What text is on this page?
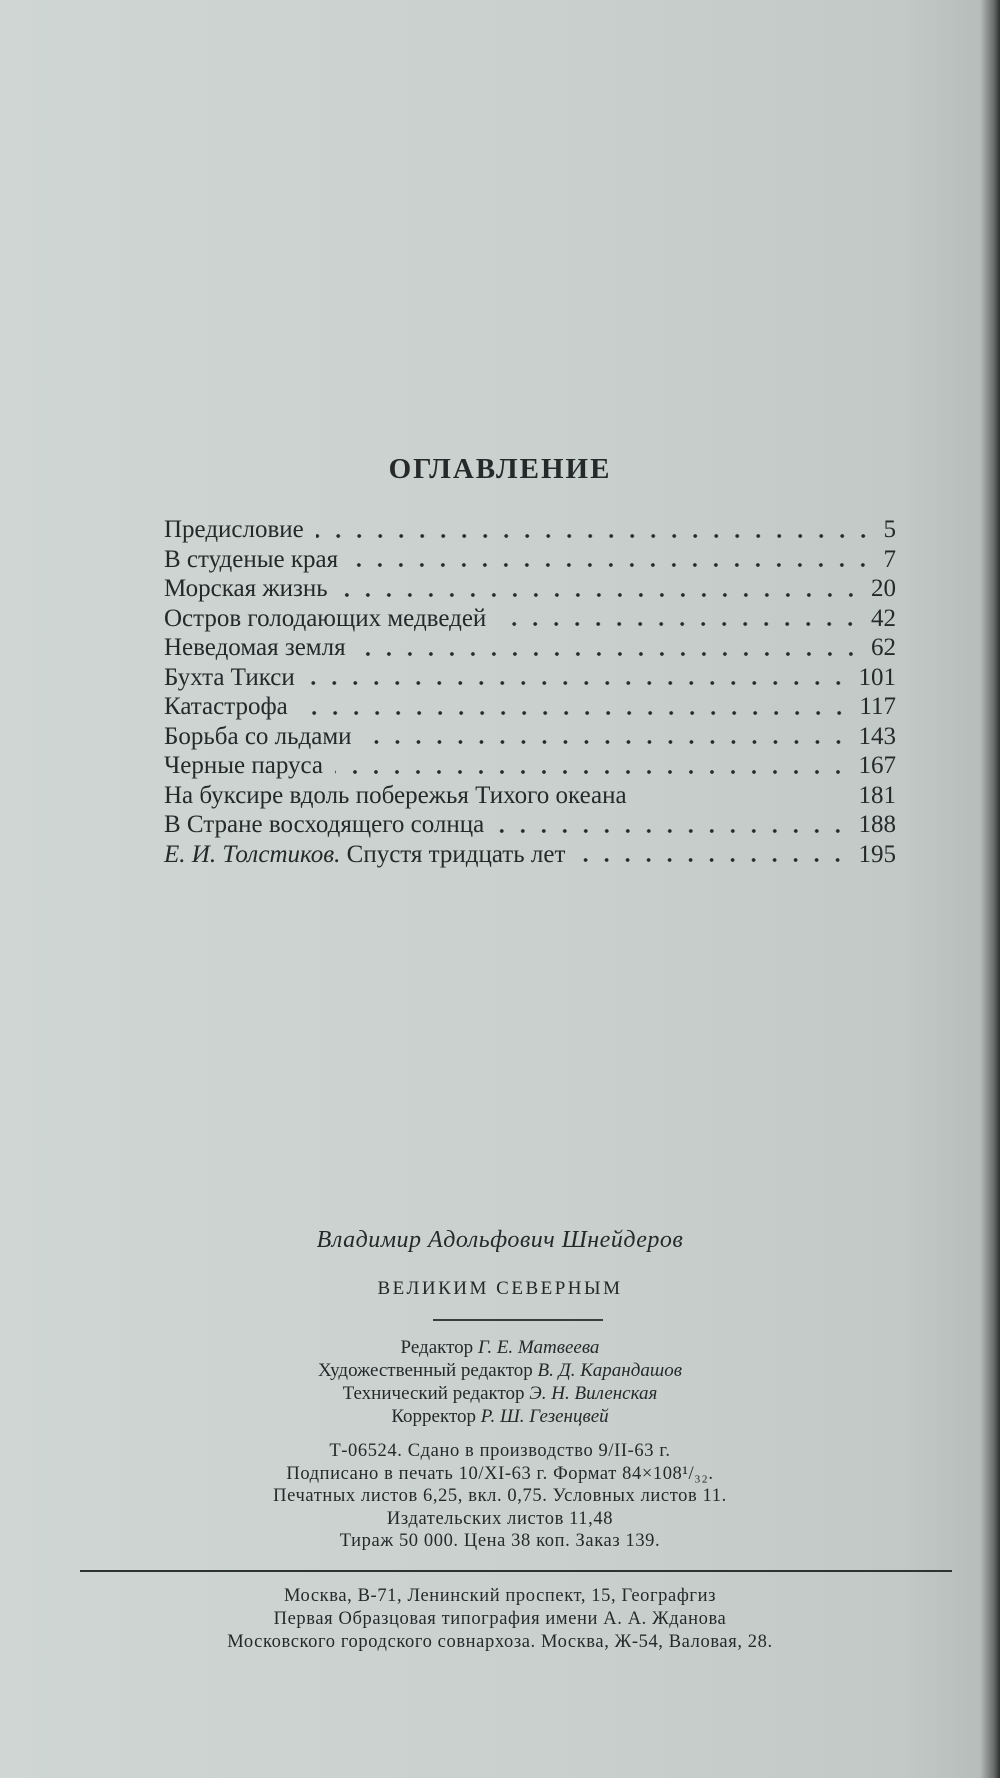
ОГЛАВЛЕНИЕ
Предисловие	5
В студеные края	7
Морская жизнь	20
Остров голодающих медведей	42
Неведомая земля	62
Бухта Тикси	101
Катастрофа	117
Борьба со льдами	143
Черные паруса	167
На буксире вдоль побережья Тихого океана	181
В Стране восходящего солнца	188
Е. И. Толстиков. Спустя тридцать лет	195
Владимир Адольфович Шнейдеров
ВЕЛИКИМ СЕВЕРНЫМ
Редактор Г. Е. Матвеева
Художественный редактор В. Д. Карандашов
Технический редактор Э. Н. Виленская
Корректор Р. Ш. Гезенцвей
Т-06524. Сдано в производство 9/II-63 г.
Подписано в печать 10/XI-63 г. Формат 84×108¹/₃₂.
Печатных листов 6,25, вкл. 0,75. Условных листов 11.
Издательских листов 11,48
Тираж 50 000. Цена 38 коп. Заказ 139.
Москва, В-71, Ленинский проспект, 15, Географгиз
Первая Образцовая типография имени А. А. Жданова
Московского городского совнархоза. Москва, Ж-54, Валовая, 28.
